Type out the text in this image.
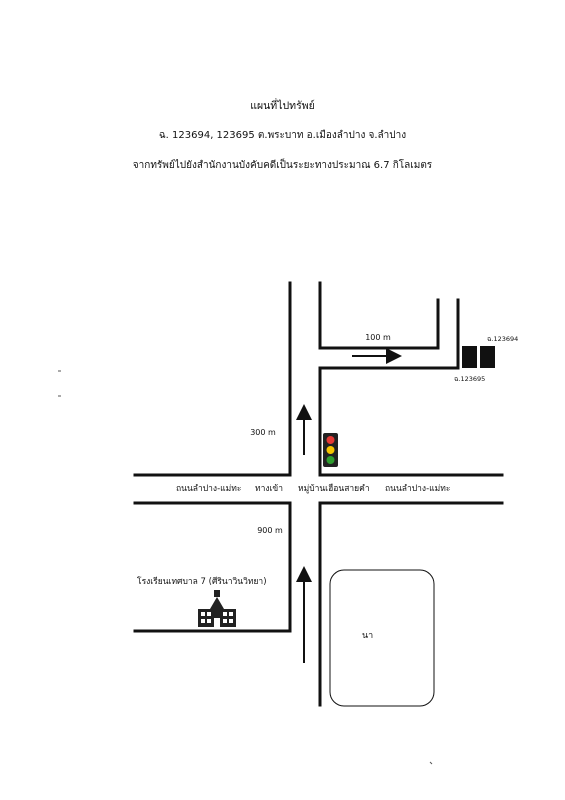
แผนที่ไปทรัพย์
ฉ. 123694, 123695 ต.พระบาท อ.เมืองลำปาง จ.ลำปาง
จากทรัพย์ไปยังสำนักงานบังคับคดีเป็นระยะทางประมาณ 6.7 กิโลเมตร
100 m
300 m
900 m
ถนนลำปาง-แม่ทะ ทางเข้า หมู่บ้านเฮือนสายคำ ถนนลำปาง-แม่ทะ
ฉ.123694
ฉ.123695
โรงเรียนเทศบาล 7 (ศีรินาวินวิทยา)
นา
